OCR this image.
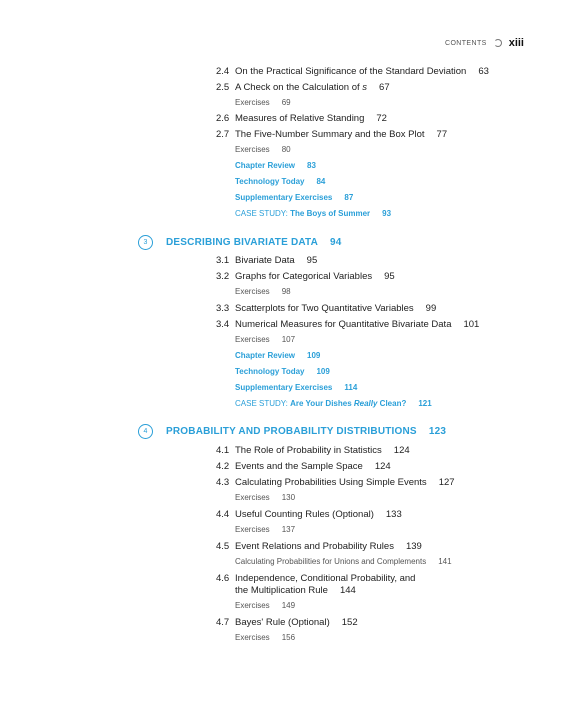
CONTENTS xiii
2.4 On the Practical Significance of the Standard Deviation 63
2.5 A Check on the Calculation of s 67
Exercises 69
2.6 Measures of Relative Standing 72
2.7 The Five-Number Summary and the Box Plot 77
Exercises 80
Chapter Review 83
Technology Today 84
Supplementary Exercises 87
CASE STUDY: The Boys of Summer 93
3	DESCRIBING BIVARIATE DATA 94
3.1 Bivariate Data 95
3.2 Graphs for Categorical Variables 95
Exercises 98
3.3 Scatterplots for Two Quantitative Variables 99
3.4 Numerical Measures for Quantitative Bivariate Data 101
Exercises 107
Chapter Review 109
Technology Today 109
Supplementary Exercises 114
CASE STUDY: Are Your Dishes Really Clean? 121
4	PROBABILITY AND PROBABILITY DISTRIBUTIONS 123
4.1 The Role of Probability in Statistics 124
4.2 Events and the Sample Space 124
4.3 Calculating Probabilities Using Simple Events 127
Exercises 130
4.4 Useful Counting Rules (Optional) 133
Exercises 137
4.5 Event Relations and Probability Rules 139
Calculating Probabilities for Unions and Complements 141
4.6 Independence, Conditional Probability, and
the Multiplication Rule 144
Exercises 149
4.7 Bayes' Rule (Optional) 152
Exercises 156
